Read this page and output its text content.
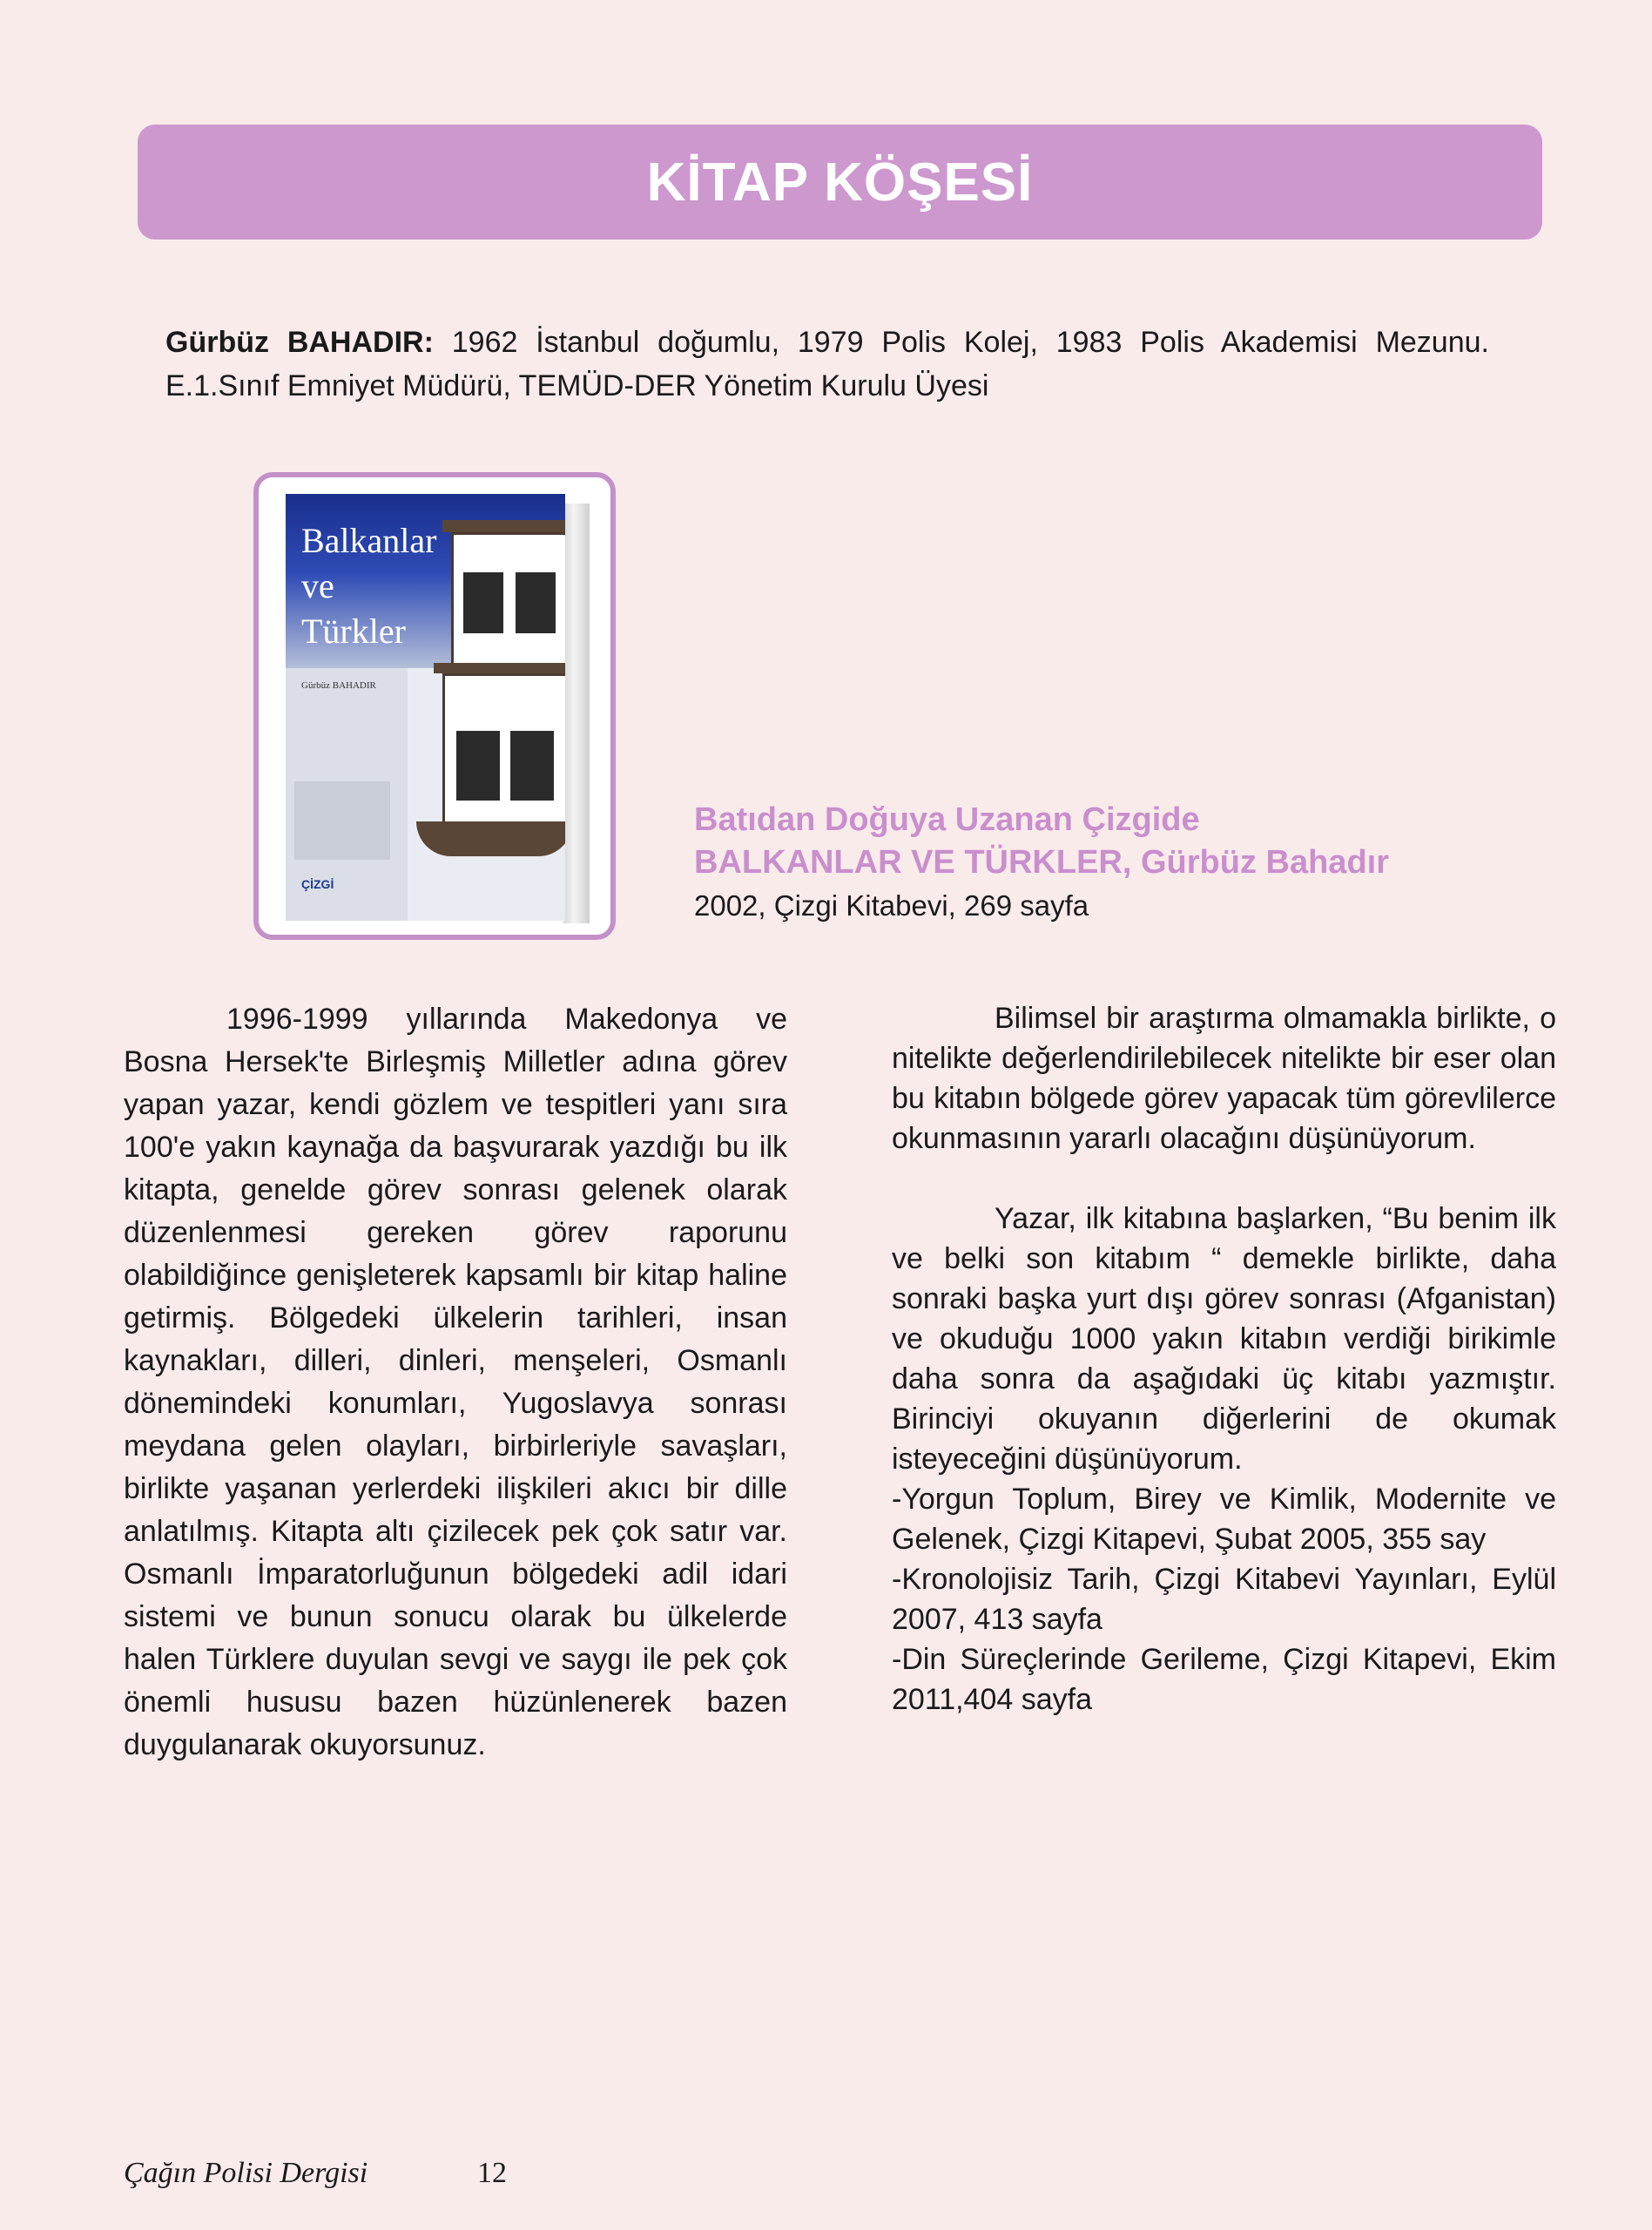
KİTAP KÖŞESİ
Gürbüz BAHADIR: 1962 İstanbul doğumlu, 1979 Polis Kolej, 1983 Polis Akademisi Mezunu. E.1.Sınıf Emniyet Müdürü, TEMÜD-DER Yönetim Kurulu Üyesi
Balkanlar
ve
Türkler
Gürbüz BAHADIR
ÇİZGİ
Batıdan Doğuya Uzanan Çizgide
BALKANLAR VE TÜRKLER, Gürbüz Bahadır
2002, Çizgi Kitabevi, 269 sayfa

1996-1999 yıllarında Makedonya ve Bosna Hersek'te Birleşmiş Milletler adına görev yapan yazar, kendi gözlem ve tespitleri yanı sıra 100'e yakın kaynağa da başvurarak yazdığı bu ilk kitapta, genelde görev sonrası gelenek olarak düzenlenmesi gereken görev raporunu olabildiğince genişleterek kapsamlı bir kitap haline getirmiş. Bölgedeki ülkelerin tarihleri, insan kaynakları, dilleri, dinleri, menşeleri, Osmanlı dönemindeki konumları, Yugoslavya sonrası meydana gelen olayları, birbirleriyle savaşları, birlikte yaşanan yerlerdeki ilişkileri akıcı bir dille anlatılmış. Kitapta altı çizilecek pek çok satır var. Osmanlı İmparatorluğunun bölgedeki adil idari sistemi ve bunun sonucu olarak bu ülkelerde halen Türklere duyulan sevgi ve saygı ile pek çok önemli hususu bazen hüzünlenerek bazen duygulanarak okuyorsunuz.

Bilimsel bir araştırma olmamakla birlikte, o nitelikte değerlendirilebilecek nitelikte bir eser olan bu kitabın bölgede görev yapacak tüm görevlilerce okunmasının yararlı olacağını düşünüyorum.

Yazar, ilk kitabına başlarken, “Bu benim ilk ve belki son kitabım “ demekle birlikte, daha sonraki başka yurt dışı görev sonrası (Afganistan) ve okuduğu 1000 yakın kitabın verdiği birikimle daha sonra da aşağıdaki üç kitabı yazmıştır. Birinciyi okuyanın diğerlerini de okumak isteyeceğini düşünüyorum.

-Yorgun Toplum, Birey ve Kimlik, Modernite ve Gelenek, Çizgi Kitapevi, Şubat 2005, 355 say

-Kronolojisiz Tarih, Çizgi Kitabevi Yayınları, Eylül 2007, 413 sayfa

-Din Süreçlerinde Gerileme, Çizgi Kitapevi, Ekim 2011,404 sayfa

Çağın Polisi Dergisi	12
